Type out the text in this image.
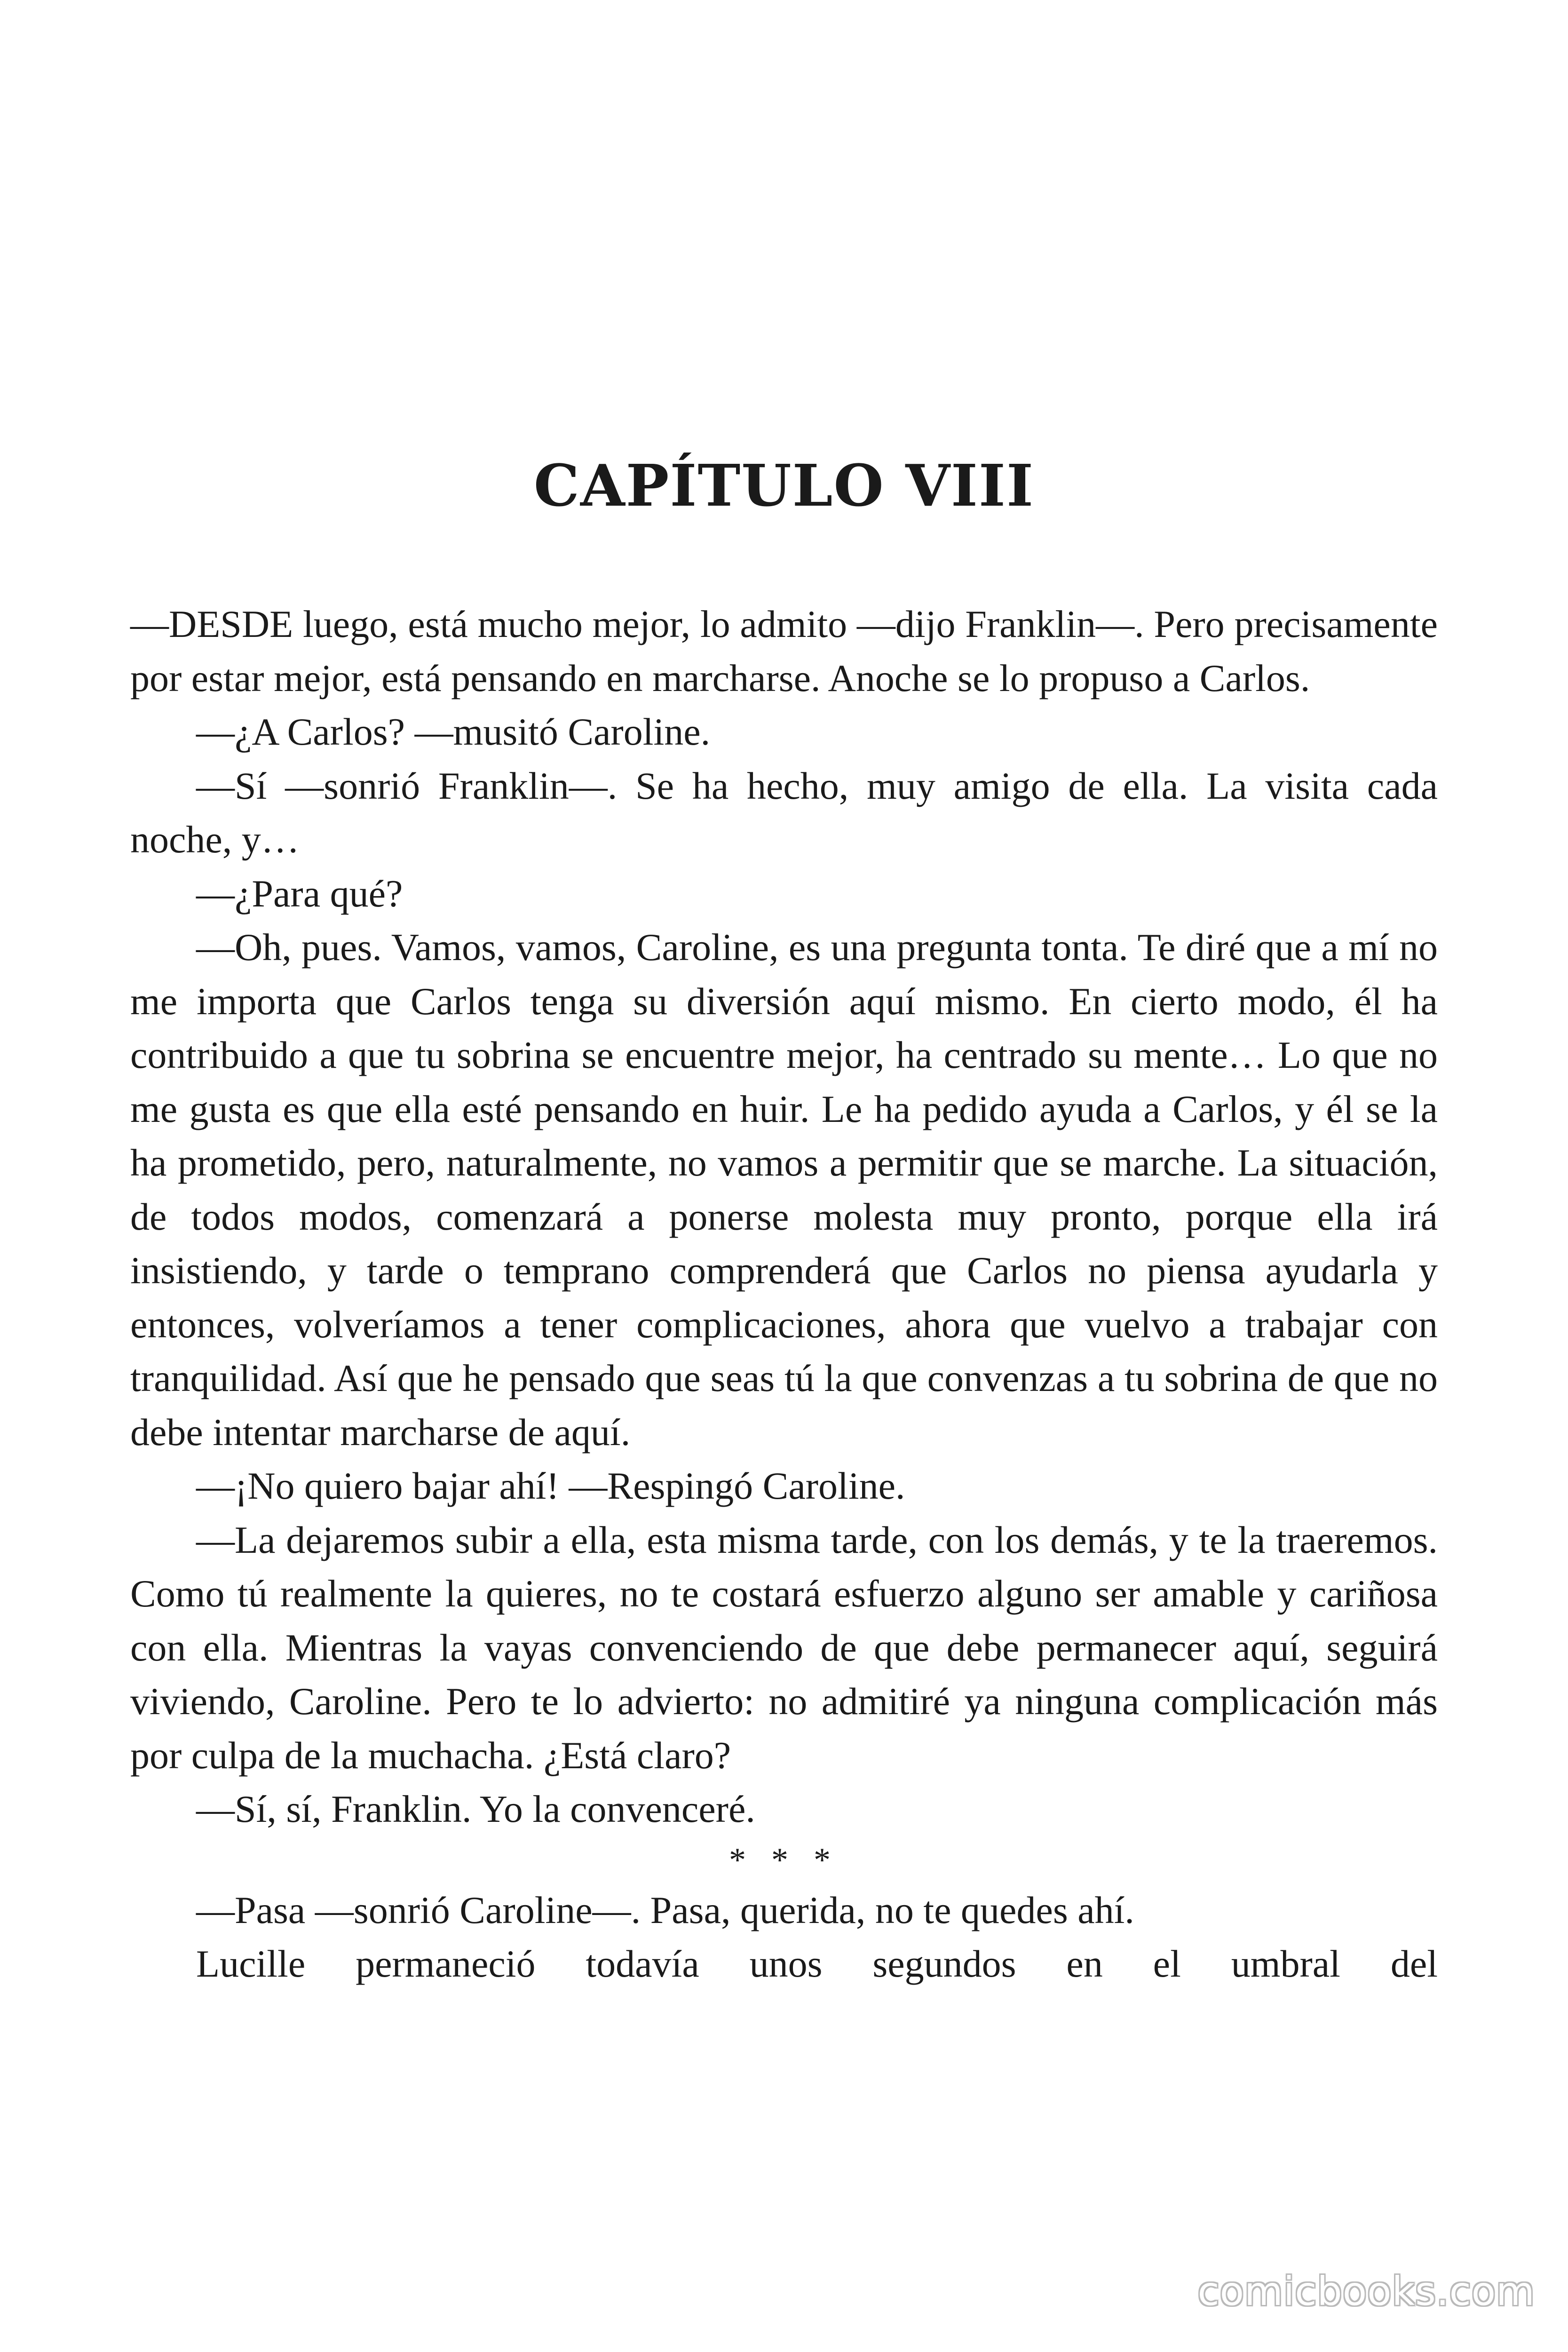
CAPÍTULO VIII

—DESDE luego, está mucho mejor, lo admito —dijo Franklin—. Pero precisamente por estar mejor, está pensando en marcharse. Anoche se lo propuso a Carlos.

—¿A Carlos? —musitó Caroline.

—Sí —sonrió Franklin—. Se ha hecho, muy amigo de ella. La visita cada noche, y…

—¿Para qué?

—Oh, pues. Vamos, vamos, Caroline, es una pregunta tonta. Te diré que a mí no me importa que Carlos tenga su diversión aquí mismo. En cierto modo, él ha contribuido a que tu sobrina se encuentre mejor, ha centrado su mente… Lo que no me gusta es que ella esté pensando en huir. Le ha pedido ayuda a Carlos, y él se la ha prometido, pero, naturalmente, no vamos a permitir que se marche. La situación, de todos modos, comenzará a ponerse molesta muy pronto, porque ella irá insistiendo, y tarde o temprano comprenderá que Carlos no piensa ayudarla y entonces, volveríamos a tener complicaciones, ahora que vuelvo a trabajar con tranquilidad. Así que he pensado que seas tú la que convenzas a tu sobrina de que no debe intentar marcharse de aquí.

—¡No quiero bajar ahí! —Respingó Caroline.

—La dejaremos subir a ella, esta misma tarde, con los demás, y te la traeremos. Como tú realmente la quieres, no te costará esfuerzo alguno ser amable y cariñosa con ella. Mientras la vayas convenciendo de que debe permanecer aquí, seguirá viviendo, Caroline. Pero te lo advierto: no admitiré ya ninguna complicación más por culpa de la muchacha. ¿Está claro?

—Sí, sí, Franklin. Yo la convenceré.

* * *

—Pasa —sonrió Caroline—. Pasa, querida, no te quedes ahí.

Lucille permaneció todavía unos segundos en el umbral del

comicbooks.com
